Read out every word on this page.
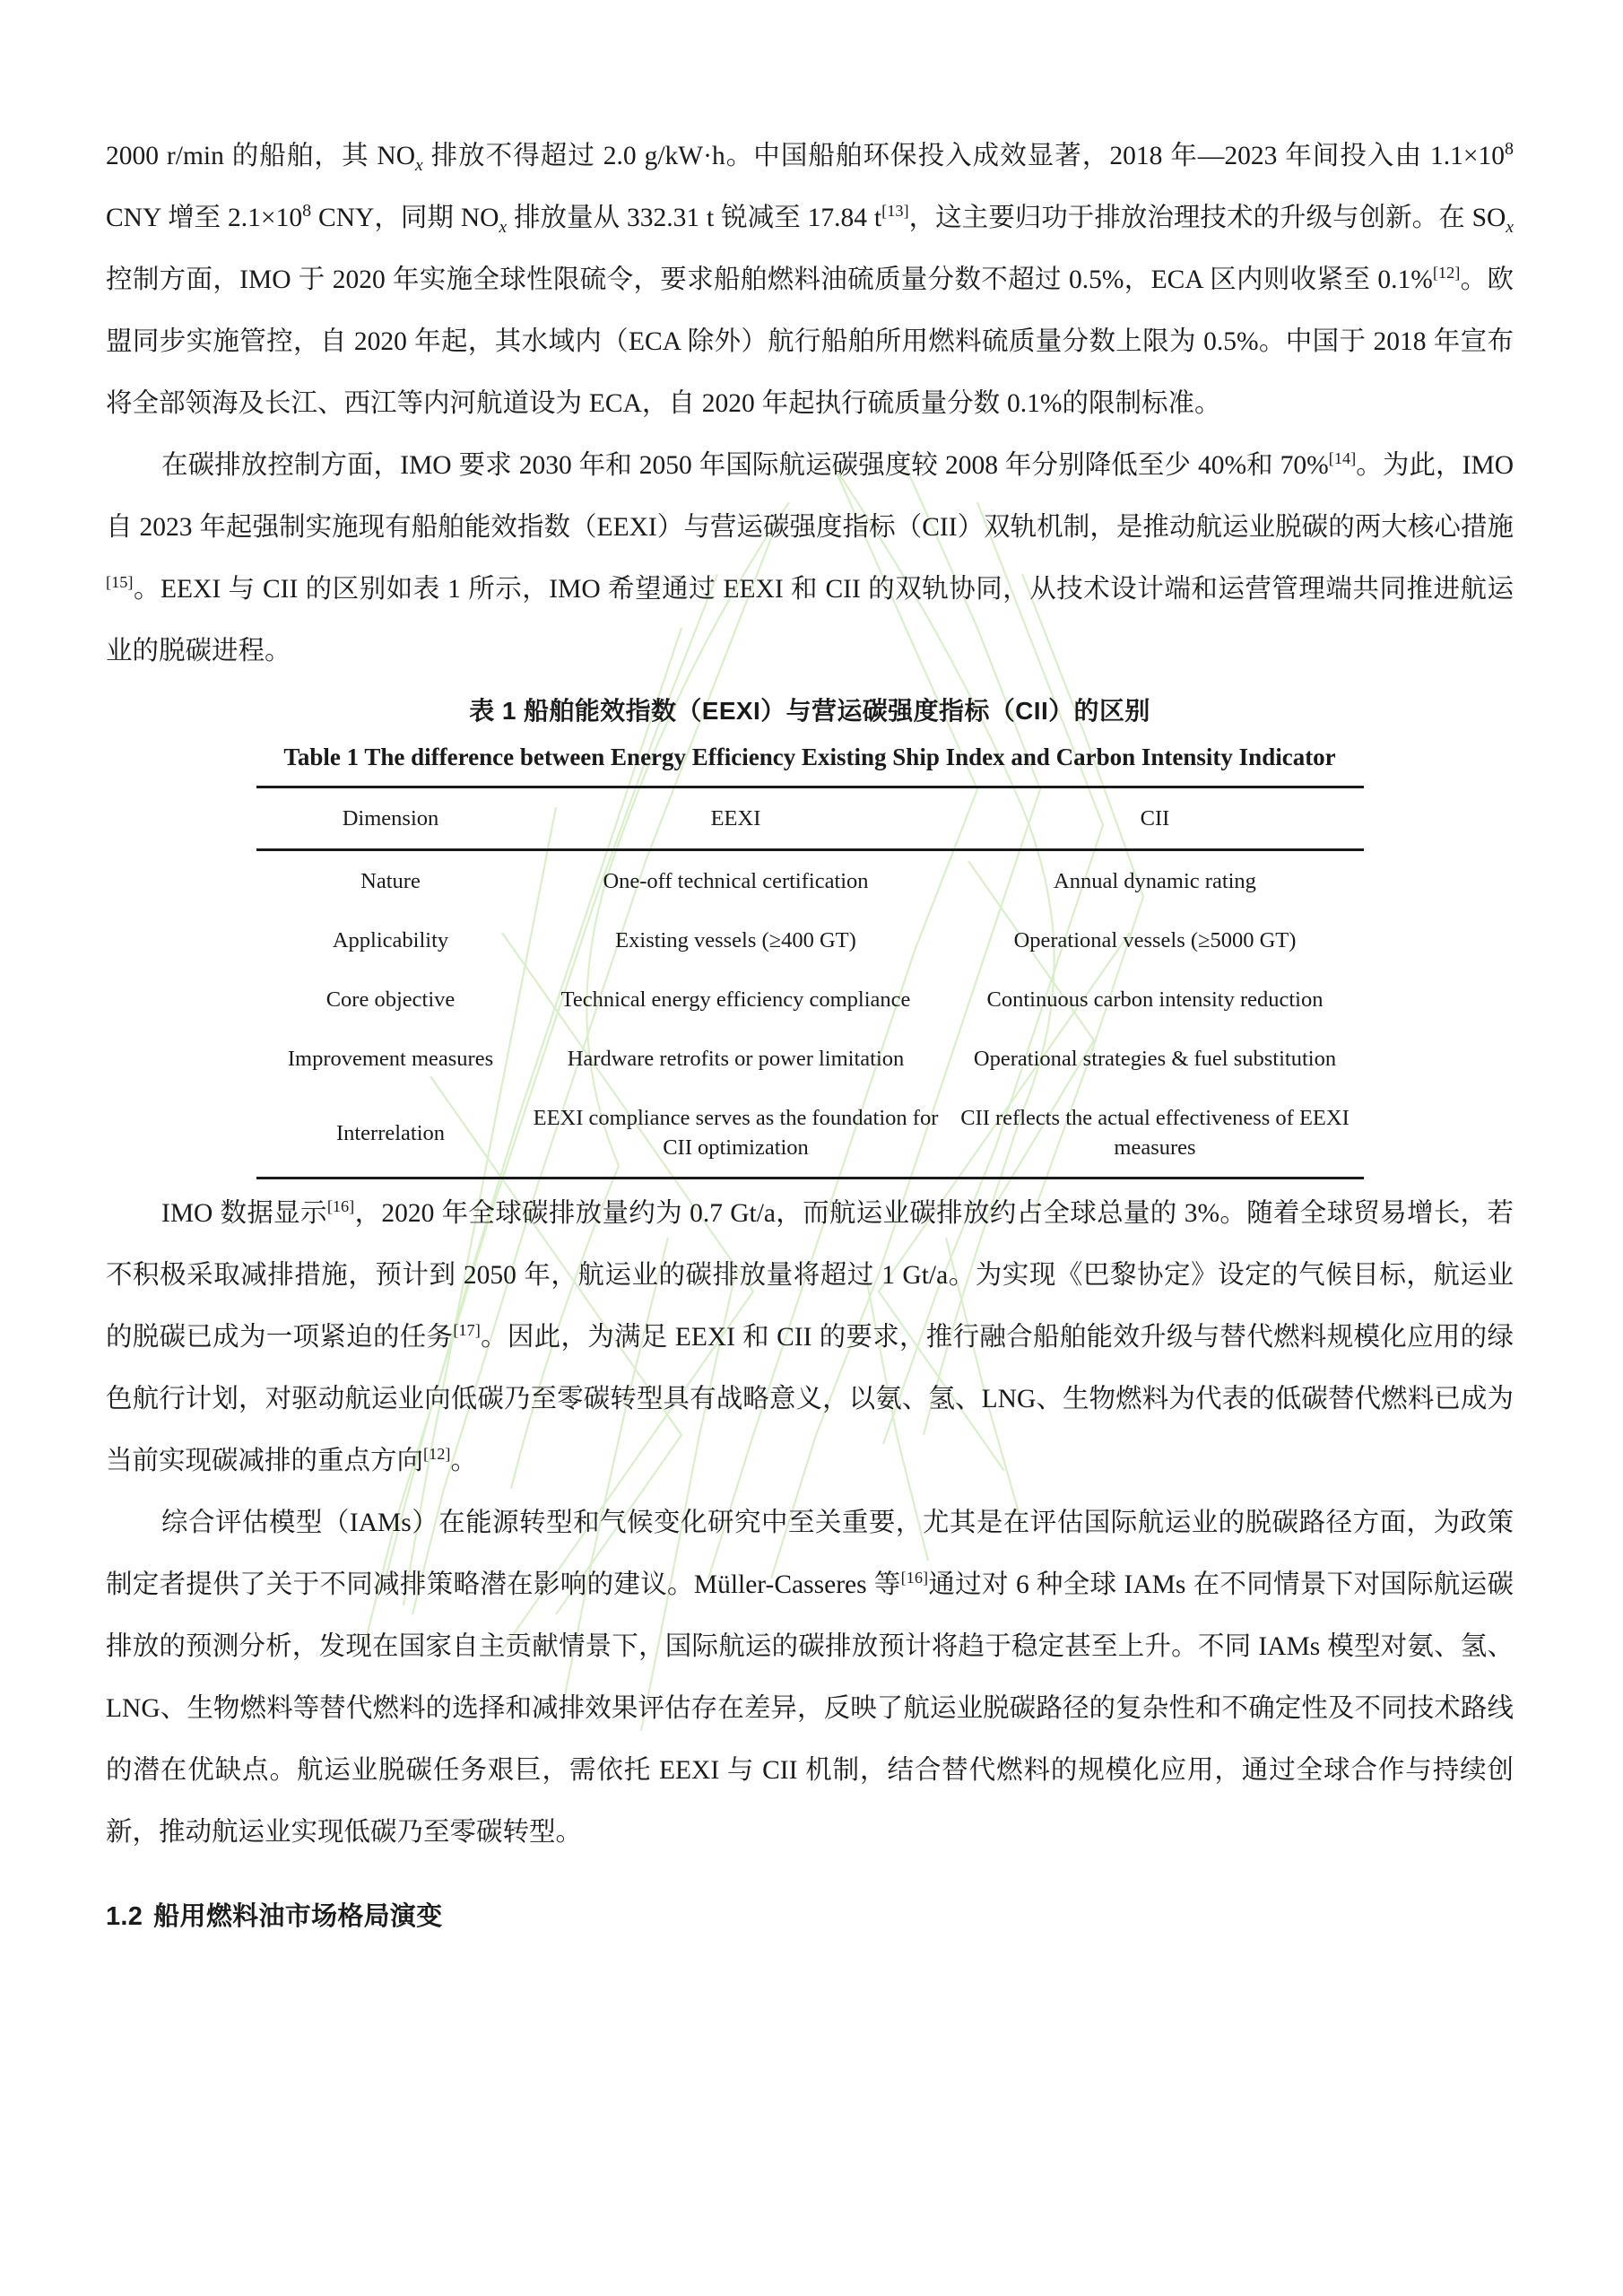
2000 r/min 的船舶，其 $NO_x$ 排放不得超过 2.0 g/kW·h。中国船舶环保投入成效显著，2018 年—2023 年间投入由 $1.1\times 10^8$ CNY 增至 $2.1\times 10^8$ CNY，同期 $NO_x$ 排放量从 332.31 t 锐减至 17.84 t[13]，这主要归功于排放治理技术的升级与创新。在 $SO_x$ 控制方面，IMO 于 2020 年实施全球性限硫令，要求船舶燃料油硫质量分数不超过 0.5%，ECA 区内则收紧至 0.1%[12]。欧盟同步实施管控，自 2020 年起，其水域内（ECA 除外）航行船舶所用燃料硫质量分数上限为 0.5%。中国于 2018 年宣布将全部领海及长江、西江等内河航道设为 ECA，自 2020 年起执行硫质量分数 0.1%的限制标准。

在碳排放控制方面，IMO 要求 2030 年和 2050 年国际航运碳强度较 2008 年分别降低至少 40%和 70%[14]。为此，IMO 自 2023 年起强制实施现有船舶能效指数（EEXI）与营运碳强度指标（CII）双轨机制，是推动航运业脱碳的两大核心措施[15]。EEXI 与 CII 的区别如表 1 所示，IMO 希望通过 EEXI 和 CII 的双轨协同，从技术设计端和运营管理端共同推进航运业的脱碳进程。

表 1 船舶能效指数（EEXI）与营运碳强度指标（CII）的区别
Table 1 The difference between Energy Efficiency Existing Ship Index and Carbon Intensity Indicator
Dimension	EEXI	CII
Nature	One-off technical certification	Annual dynamic rating
Applicability	Existing vessels (≥400 GT)	Operational vessels (≥5000 GT)
Core objective	Technical energy efficiency compliance	Continuous carbon intensity reduction
Improvement measures	Hardware retrofits or power limitation	Operational strategies & fuel substitution
Interrelation	EEXI compliance serves as the foundation for CII optimization	CII reflects the actual effectiveness of EEXI measures

IMO 数据显示[16]，2020 年全球碳排放量约为 0.7 Gt/a，而航运业碳排放约占全球总量的 3%。随着全球贸易增长，若不积极采取减排措施，预计到 2050 年，航运业的碳排放量将超过 1 Gt/a。为实现《巴黎协定》设定的气候目标，航运业的脱碳已成为一项紧迫的任务[17]。因此，为满足 EEXI 和 CII 的要求，推行融合船舶能效升级与替代燃料规模化应用的绿色航行计划，对驱动航运业向低碳乃至零碳转型具有战略意义，以氨、氢、LNG、生物燃料为代表的低碳替代燃料已成为当前实现碳减排的重点方向[12]。

综合评估模型（IAMs）在能源转型和气候变化研究中至关重要，尤其是在评估国际航运业的脱碳路径方面，为政策制定者提供了关于不同减排策略潜在影响的建议。Müller-Casseres 等[16]通过对 6 种全球 IAMs 在不同情景下对国际航运碳排放的预测分析，发现在国家自主贡献情景下，国际航运的碳排放预计将趋于稳定甚至上升。不同 IAMs 模型对氨、氢、LNG、生物燃料等替代燃料的选择和减排效果评估存在差异，反映了航运业脱碳路径的复杂性和不确定性及不同技术路线的潜在优缺点。航运业脱碳任务艰巨，需依托 EEXI 与 CII 机制，结合替代燃料的规模化应用，通过全球合作与持续创新，推动航运业实现低碳乃至零碳转型。

1.2 船用燃料油市场格局演变
